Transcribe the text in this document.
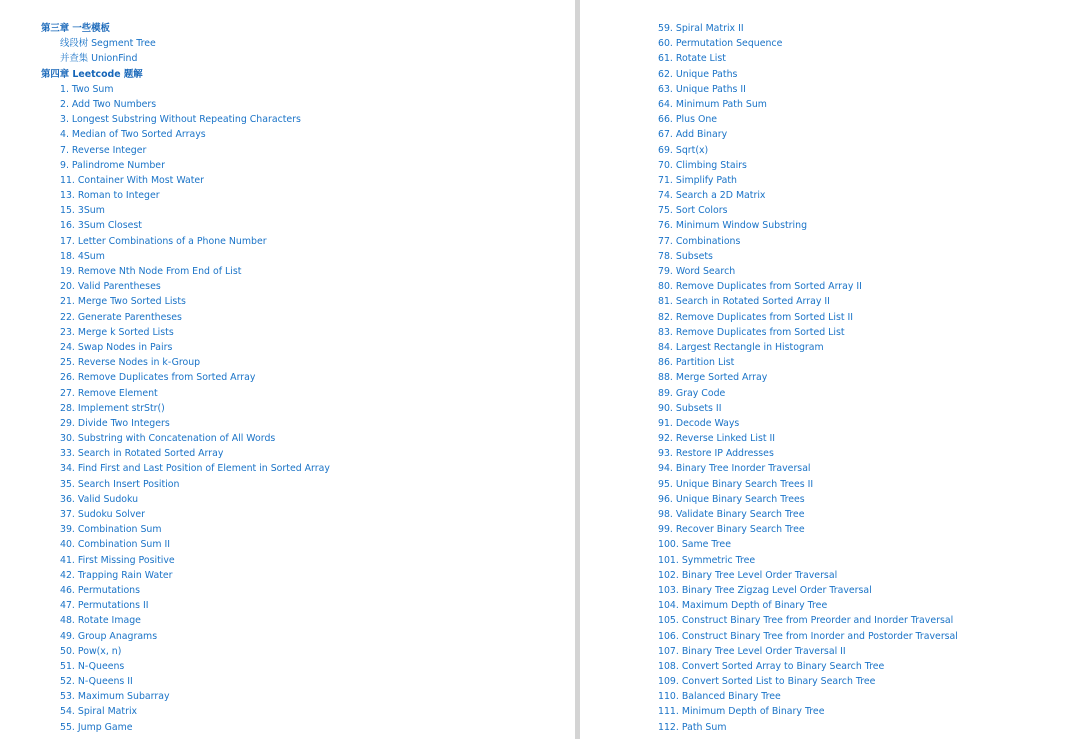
第三章 一些模板
线段树 Segment Tree
并查集 UnionFind
第四章 Leetcode 题解
1. Two Sum
2. Add Two Numbers
3. Longest Substring Without Repeating Characters
4. Median of Two Sorted Arrays
7. Reverse Integer
9. Palindrome Number
11. Container With Most Water
13. Roman to Integer
15. 3Sum
16. 3Sum Closest
17. Letter Combinations of a Phone Number
18. 4Sum
19. Remove Nth Node From End of List
20. Valid Parentheses
21. Merge Two Sorted Lists
22. Generate Parentheses
23. Merge k Sorted Lists
24. Swap Nodes in Pairs
25. Reverse Nodes in k-Group
26. Remove Duplicates from Sorted Array
27. Remove Element
28. Implement strStr()
29. Divide Two Integers
30. Substring with Concatenation of All Words
33. Search in Rotated Sorted Array
34. Find First and Last Position of Element in Sorted Array
35. Search Insert Position
36. Valid Sudoku
37. Sudoku Solver
39. Combination Sum
40. Combination Sum II
41. First Missing Positive
42. Trapping Rain Water
46. Permutations
47. Permutations II
48. Rotate Image
49. Group Anagrams
50. Pow(x, n)
51. N-Queens
52. N-Queens II
53. Maximum Subarray
54. Spiral Matrix
55. Jump Game
59. Spiral Matrix II
60. Permutation Sequence
61. Rotate List
62. Unique Paths
63. Unique Paths II
64. Minimum Path Sum
66. Plus One
67. Add Binary
69. Sqrt(x)
70. Climbing Stairs
71. Simplify Path
74. Search a 2D Matrix
75. Sort Colors
76. Minimum Window Substring
77. Combinations
78. Subsets
79. Word Search
80. Remove Duplicates from Sorted Array II
81. Search in Rotated Sorted Array II
82. Remove Duplicates from Sorted List II
83. Remove Duplicates from Sorted List
84. Largest Rectangle in Histogram
86. Partition List
88. Merge Sorted Array
89. Gray Code
90. Subsets II
91. Decode Ways
92. Reverse Linked List II
93. Restore IP Addresses
94. Binary Tree Inorder Traversal
95. Unique Binary Search Trees II
96. Unique Binary Search Trees
98. Validate Binary Search Tree
99. Recover Binary Search Tree
100. Same Tree
101. Symmetric Tree
102. Binary Tree Level Order Traversal
103. Binary Tree Zigzag Level Order Traversal
104. Maximum Depth of Binary Tree
105. Construct Binary Tree from Preorder and Inorder Traversal
106. Construct Binary Tree from Inorder and Postorder Traversal
107. Binary Tree Level Order Traversal II
108. Convert Sorted Array to Binary Search Tree
109. Convert Sorted List to Binary Search Tree
110. Balanced Binary Tree
111. Minimum Depth of Binary Tree
112. Path Sum
